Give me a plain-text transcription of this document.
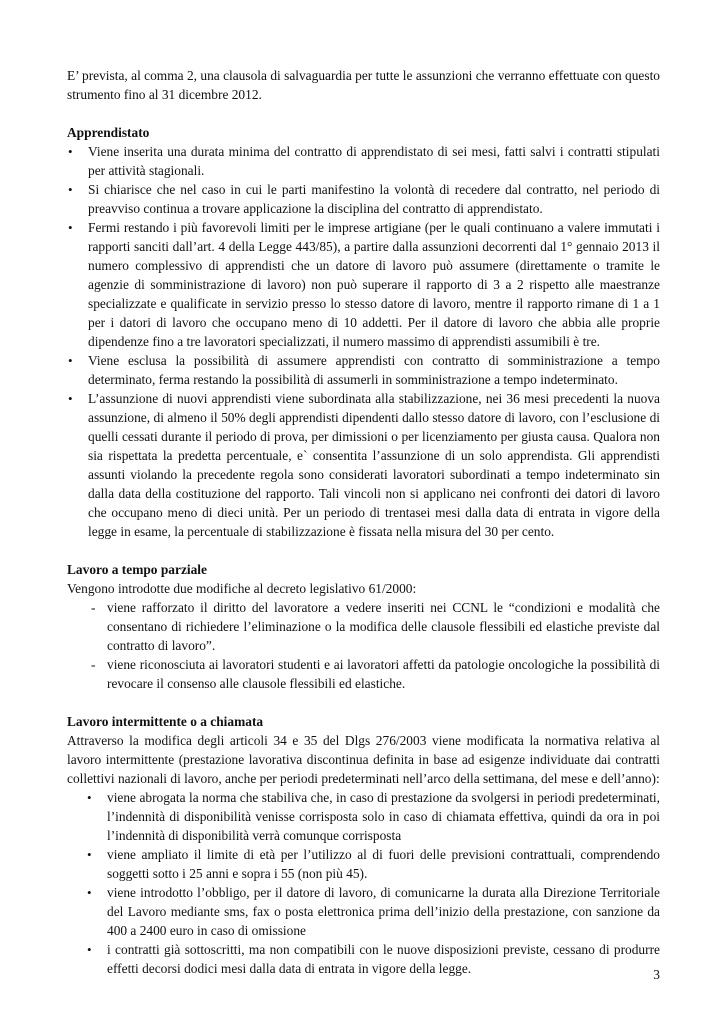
E’ prevista, al comma 2, una clausola di salvaguardia per tutte le assunzioni che verranno effettuate con questo strumento fino al 31 dicembre 2012.

Apprendistato

• Viene inserita una durata minima del contratto di apprendistato di sei mesi, fatti salvi i contratti stipulati per attività stagionali.
• Si chiarisce che nel caso in cui le parti manifestino la volontà di recedere dal contratto, nel periodo di preavviso continua a trovare applicazione la disciplina del contratto di apprendistato.
• Fermi restando i più favorevoli limiti per le imprese artigiane (per le quali continuano a valere immutati i rapporti sanciti dall’art. 4 della Legge 443/85), a partire dalla assunzioni decorrenti dal 1° gennaio 2013 il numero complessivo di apprendisti che un datore di lavoro può assumere (direttamente o tramite le agenzie di somministrazione di lavoro) non può superare il rapporto di 3 a 2 rispetto alle maestranze specializzate e qualificate in servizio presso lo stesso datore di lavoro, mentre il rapporto rimane di 1 a 1 per i datori di lavoro che occupano meno di 10 addetti. Per il datore di lavoro che abbia alle proprie dipendenze fino a tre lavoratori specializzati, il numero massimo di apprendisti assumibili è tre.
• Viene esclusa la possibilità di assumere apprendisti con contratto di somministrazione a tempo determinato, ferma restando la possibilità di assumerli in somministrazione a tempo indeterminato.
• L’assunzione di nuovi apprendisti viene subordinata alla stabilizzazione, nei 36 mesi precedenti la nuova assunzione, di almeno il 50% degli apprendisti dipendenti dallo stesso datore di lavoro, con l’esclusione di quelli cessati durante il periodo di prova, per dimissioni o per licenziamento per giusta causa. Qualora non sia rispettata la predetta percentuale, e` consentita l’assunzione di un solo apprendista. Gli apprendisti assunti violando la precedente regola sono considerati lavoratori subordinati a tempo indeterminato sin dalla data della costituzione del rapporto. Tali vincoli non si applicano nei confronti dei datori di lavoro che occupano meno di dieci unità. Per un periodo di trentasei mesi dalla data di entrata in vigore della legge in esame, la percentuale di stabilizzazione è fissata nella misura del 30 per cento.

Lavoro a tempo parziale

Vengono introdotte due modifiche al decreto legislativo 61/2000:

- viene rafforzato il diritto del lavoratore a vedere inseriti nei CCNL le “condizioni e modalità che consentano di richiedere l’eliminazione o la modifica delle clausole flessibili ed elastiche previste dal contratto di lavoro”.
- viene riconosciuta ai lavoratori studenti e ai lavoratori affetti da patologie oncologiche la possibilità di revocare il consenso alle clausole flessibili ed elastiche.

Lavoro intermittente o a chiamata

Attraverso la modifica degli articoli 34 e 35 del Dlgs 276/2003 viene modificata la normativa relativa al lavoro intermittente (prestazione lavorativa discontinua definita in base ad esigenze individuate dai contratti collettivi nazionali di lavoro, anche per periodi predeterminati nell’arco della settimana, del mese e dell’anno):

• viene abrogata la norma che stabiliva che, in caso di prestazione da svolgersi in periodi predeterminati, l’indennità di disponibilità venisse corrisposta solo in caso di chiamata effettiva, quindi da ora in poi l’indennità di disponibilità verrà comunque corrisposta
• viene ampliato il limite di età per l’utilizzo al di fuori delle previsioni contrattuali, comprendendo soggetti sotto i 25 anni e sopra i 55 (non più 45).
• viene introdotto l’obbligo, per il datore di lavoro, di comunicarne la durata alla Direzione Territoriale del Lavoro mediante sms, fax o posta elettronica prima dell’inizio della prestazione, con sanzione da 400 a 2400 euro in caso di omissione
• i contratti già sottoscritti, ma non compatibili con le nuove disposizioni previste, cessano di produrre effetti decorsi dodici mesi dalla data di entrata in vigore della legge.	3
